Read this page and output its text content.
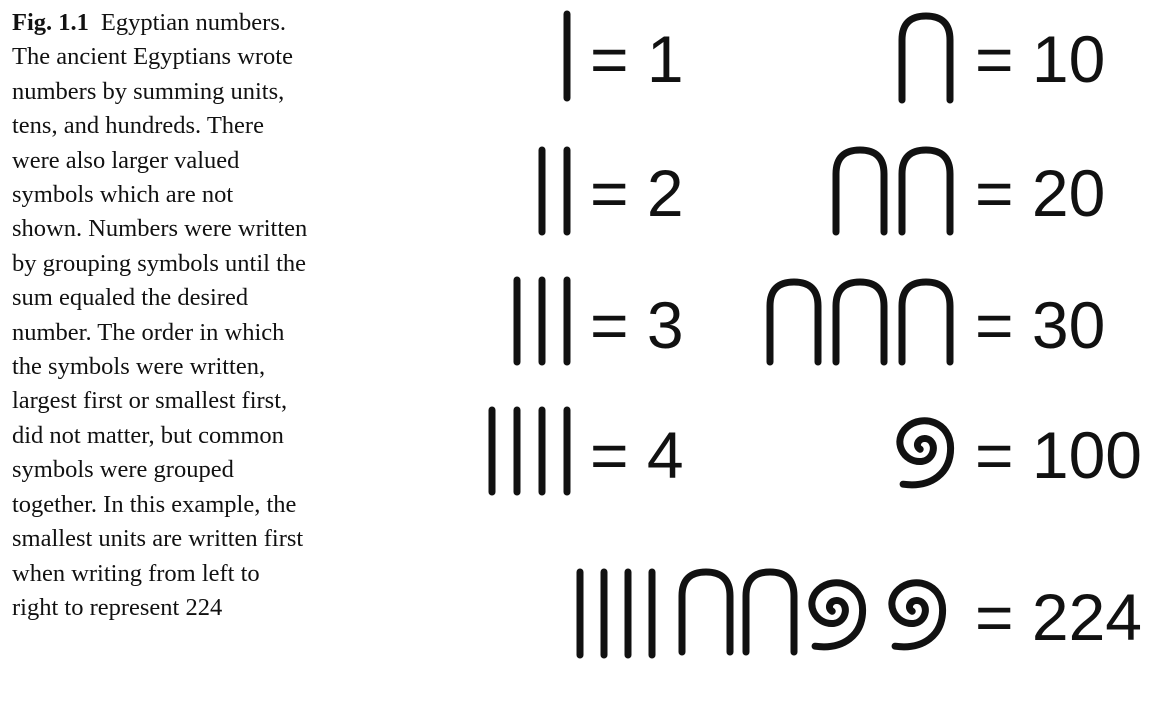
Fig. 1.1 Egyptian numbers.
The ancient Egyptians wrote
numbers by summing units,
tens, and hundreds. There
were also larger valued
symbols which are not
shown. Numbers were written
by grouping symbols until the
sum equaled the desired
number. The order in which
the symbols were written,
largest first or smallest first,
did not matter, but common
symbols were grouped
together. In this example, the
smallest units are written first
when writing from left to
right to represent 224
= 1
= 2
= 3
= 4
= 10
= 20
= 30
= 100
= 224
